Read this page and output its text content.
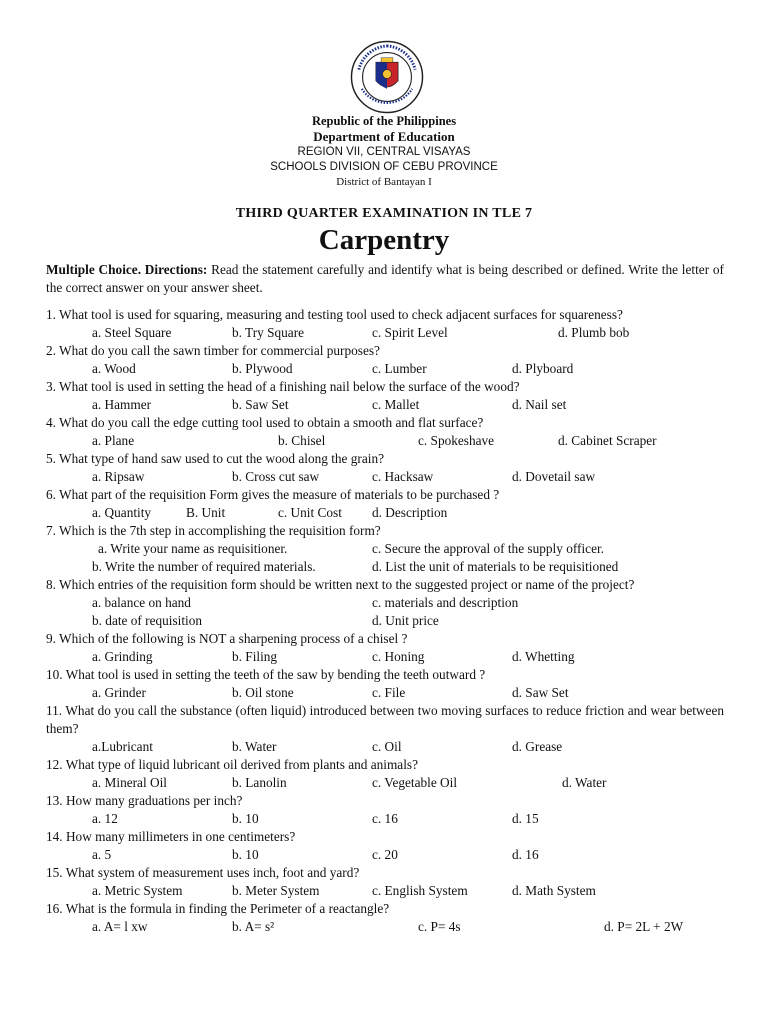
Republic of the Philippines
Department of Education
REGION VII, CENTRAL VISAYAS
SCHOOLS DIVISION OF CEBU PROVINCE
District of Bantayan I
THIRD QUARTER EXAMINATION IN TLE 7
Carpentry
Multiple Choice. Directions: Read the statement carefully and identify what is being described or defined. Write the letter of the correct answer on your answer sheet.
1. What tool is used for squaring, measuring and testing tool used to check adjacent surfaces for squareness?
a. Steel Square	b. Try Square	c. Spirit Level	d. Plumb bob
2. What do you call the sawn timber for commercial purposes?
a. Wood	b. Plywood	c. Lumber	d. Plyboard
3. What tool is used in setting the head of a finishing nail below the surface of the wood?
a. Hammer	b. Saw Set	c. Mallet	d. Nail set
4. What do you call the edge cutting tool used to obtain a smooth and flat surface?
a. Plane	b. Chisel	c. Spokeshave	d. Cabinet Scraper
5. What type of hand saw used to cut the wood along the grain?
a. Ripsaw	b. Cross cut saw	c. Hacksaw	d. Dovetail saw
6. What part of the requisition Form gives the measure of materials to be purchased ?
a. Quantity	B. Unit	c. Unit Cost d. Description
7. Which is the 7th step in accomplishing the requisition form?
a. Write your name as requisitioner.	c. Secure the approval of the supply officer.
b. Write the number of required materials.	d. List the unit of materials to be requisitioned
8. Which entries of the requisition form should be written next to the suggested project or name of the project?
a. balance on hand	c. materials and description
b. date of requisition	d. Unit price
9. Which of the following is NOT a sharpening process of a chisel ?
a. Grinding	b. Filing	c. Honing	d. Whetting
10. What tool is used in setting the teeth of the saw by bending the teeth outward ?
a. Grinder	b. Oil stone	c. File	d. Saw Set
11. What do you call the substance (often liquid) introduced between two moving surfaces to reduce friction and wear between them?
a.Lubricant	b. Water	c. Oil	d. Grease
12. What type of liquid lubricant oil derived from plants and animals?
a. Mineral Oil	b. Lanolin	c. Vegetable Oil	d. Water
13. How many graduations per inch?
a. 12	b. 10	c. 16	d. 15
14. How many millimeters in one centimeters?
a. 5	b. 10	c. 20	d. 16
15. What system of measurement uses inch, foot and yard?
a. Metric System	b. Meter System	c. English System	d. Math System
16. What is the formula in finding the Perimeter of a reactangle?
a. A= l xw	b. A= s²	c. P= 4s	d. P= 2L + 2W
